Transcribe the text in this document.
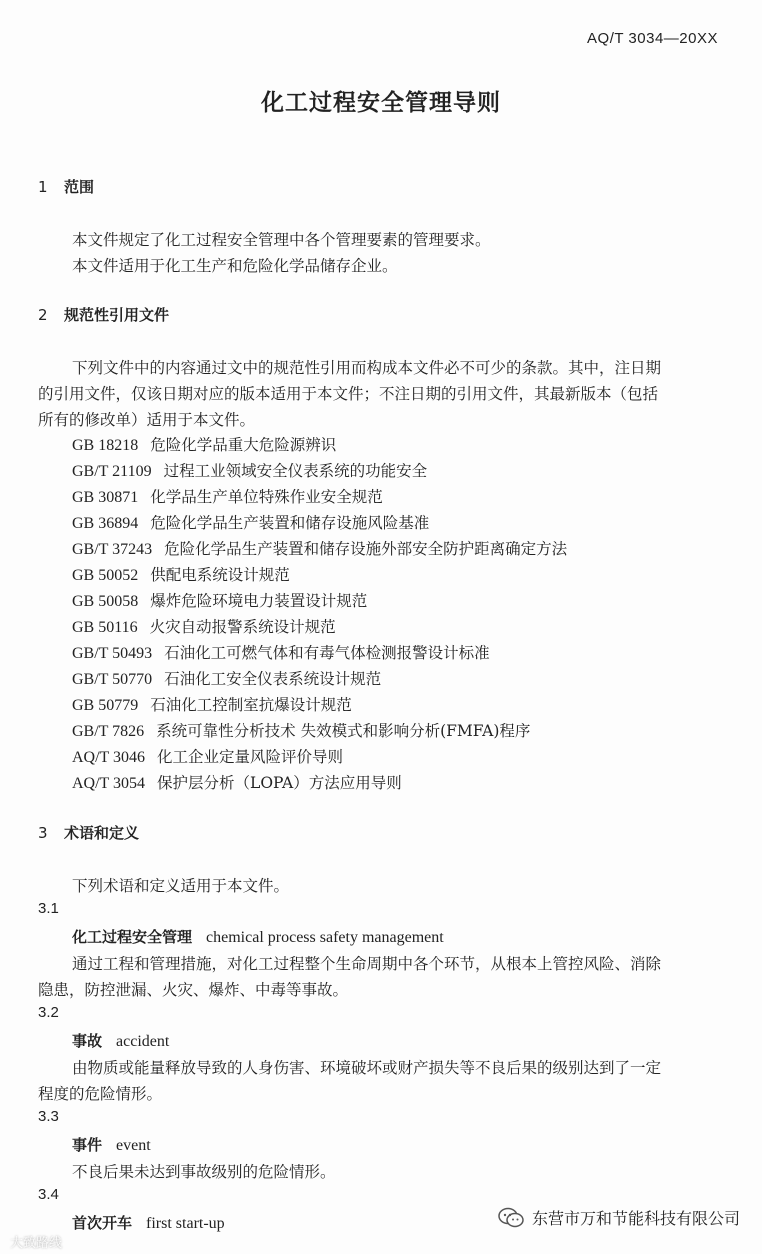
AQ/T 3034—20XX
化工过程安全管理导则
1 范围
本文件规定了化工过程安全管理中各个管理要素的管理要求。
本文件适用于化工生产和危险化学品储存企业。
2 规范性引用文件
下列文件中的内容通过文中的规范性引用而构成本文件必不可少的条款。其中，注日期
的引用文件，仅该日期对应的版本适用于本文件；不注日期的引用文件，其最新版本（包括
所有的修改单）适用于本文件。
GB 18218 危险化学品重大危险源辨识
GB/T 21109 过程工业领域安全仪表系统的功能安全
GB 30871 化学品生产单位特殊作业安全规范
GB 36894 危险化学品生产装置和储存设施风险基准
GB/T 37243 危险化学品生产装置和储存设施外部安全防护距离确定方法
GB 50052 供配电系统设计规范
GB 50058 爆炸危险环境电力装置设计规范
GB 50116 火灾自动报警系统设计规范
GB/T 50493 石油化工可燃气体和有毒气体检测报警设计标准
GB/T 50770 石油化工安全仪表系统设计规范
GB 50779 石油化工控制室抗爆设计规范
GB/T 7826 系统可靠性分析技术 失效模式和影响分析(FMFA)程序
AQ/T 3046 化工企业定量风险评价导则
AQ/T 3054 保护层分析（LOPA）方法应用导则
3 术语和定义
下列术语和定义适用于本文件。
3.1
化工过程安全管理 chemical process safety management
通过工程和管理措施，对化工过程整个生命周期中各个环节，从根本上管控风险、消除
隐患，防控泄漏、火灾、爆炸、中毒等事故。
3.2
事故 accident
由物质或能量释放导致的人身伤害、环境破坏或财产损失等不良后果的级别达到了一定
程度的危险情形。
3.3
事件 event
不良后果未达到事故级别的危险情形。
3.4
首次开车 first start-up
大致路线
东营市万和节能科技有限公司
